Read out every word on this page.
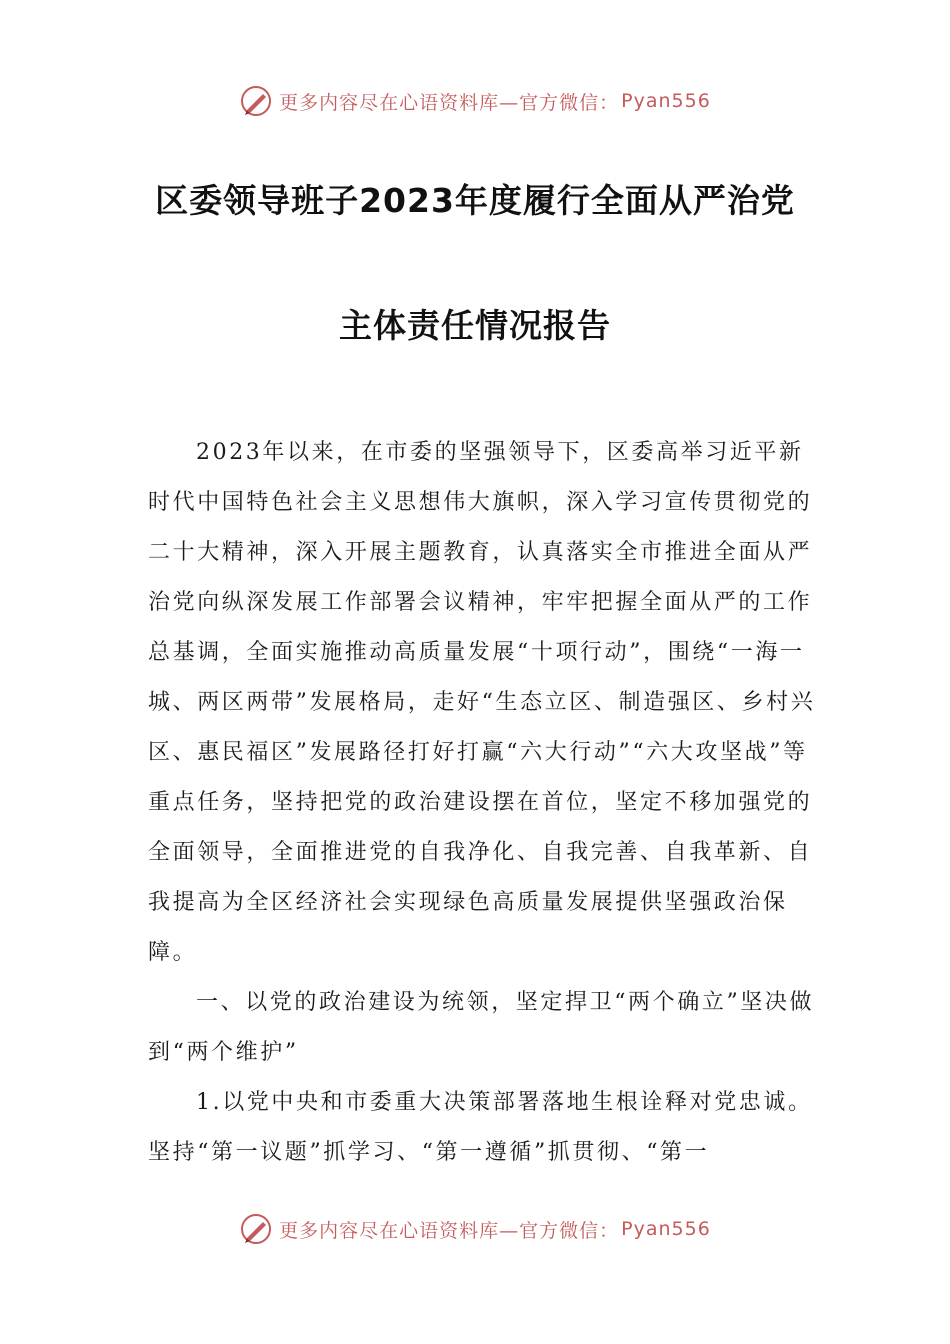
更多内容尽在心语资料库—官方微信： Pyan556
区委领导班子2023年度履行全面从严治党
主体责任情况报告

2023年以来，在市委的坚强领导下，区委高举习近平新时代中国特色社会主义思想伟大旗帜，深入学习宣传贯彻党的二十大精神，深入开展主题教育，认真落实全市推进全面从严治党向纵深发展工作部署会议精神，牢牢把握全面从严的工作总基调，全面实施推动高质量发展“十项行动”，围绕“一海一城、两区两带”发展格局，走好“生态立区、制造强区、乡村兴区、惠民福区”发展路径打好打赢“六大行动”“六大攻坚战”等重点任务，坚持把党的政治建设摆在首位，坚定不移加强党的全面领导，全面推进党的自我净化、自我完善、自我革新、自我提高为全区经济社会实现绿色高质量发展提供坚强政治保障。

一、以党的政治建设为统领，坚定捍卫“两个确立”坚决做到“两个维护”

1.以党中央和市委重大决策部署落地生根诠释对党忠诚。坚持“第一议题”抓学习、“第一遵循”抓贯彻、“第一

更多内容尽在心语资料库—官方微信： Pyan556
